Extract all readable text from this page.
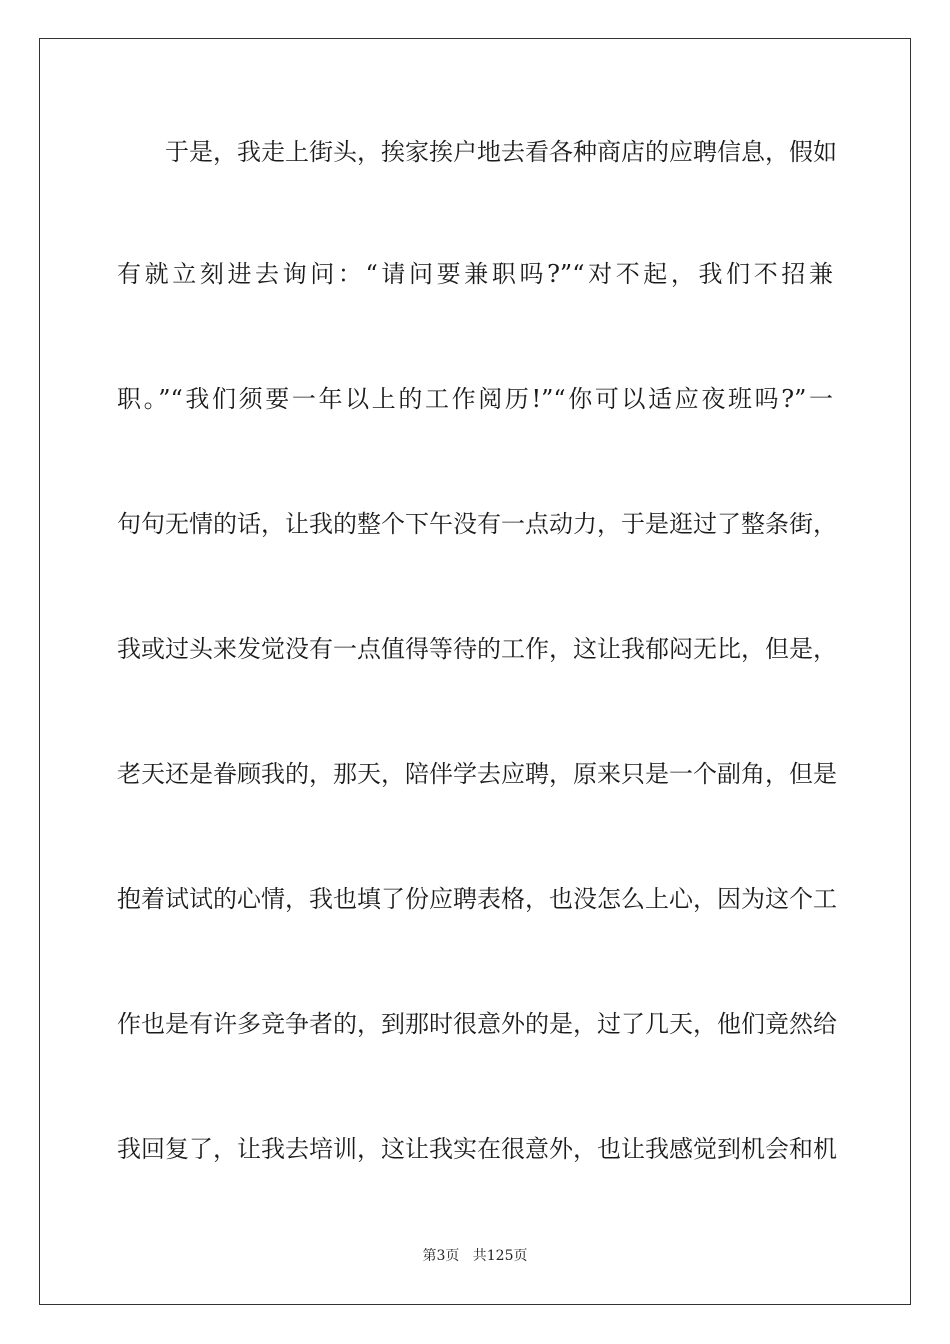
于是，我走上街头，挨家挨户地去看各种商店的应聘信息，假如
有就立刻进去询问：“请问要兼职吗?”“对不起，我们不招兼
职。”“我们须要一年以上的工作阅历!”“你可以适应夜班吗?”一
句句无情的话，让我的整个下午没有一点动力，于是逛过了整条街，
我或过头来发觉没有一点值得等待的工作，这让我郁闷无比，但是，
老天还是眷顾我的，那天，陪伴学去应聘，原来只是一个副角，但是
抱着试试的心情，我也填了份应聘表格，也没怎么上心，因为这个工
作也是有许多竞争者的，到那时很意外的是，过了几天，他们竟然给
我回复了，让我去培训，这让我实在很意外，也让我感觉到机会和机
第3页 共125页
